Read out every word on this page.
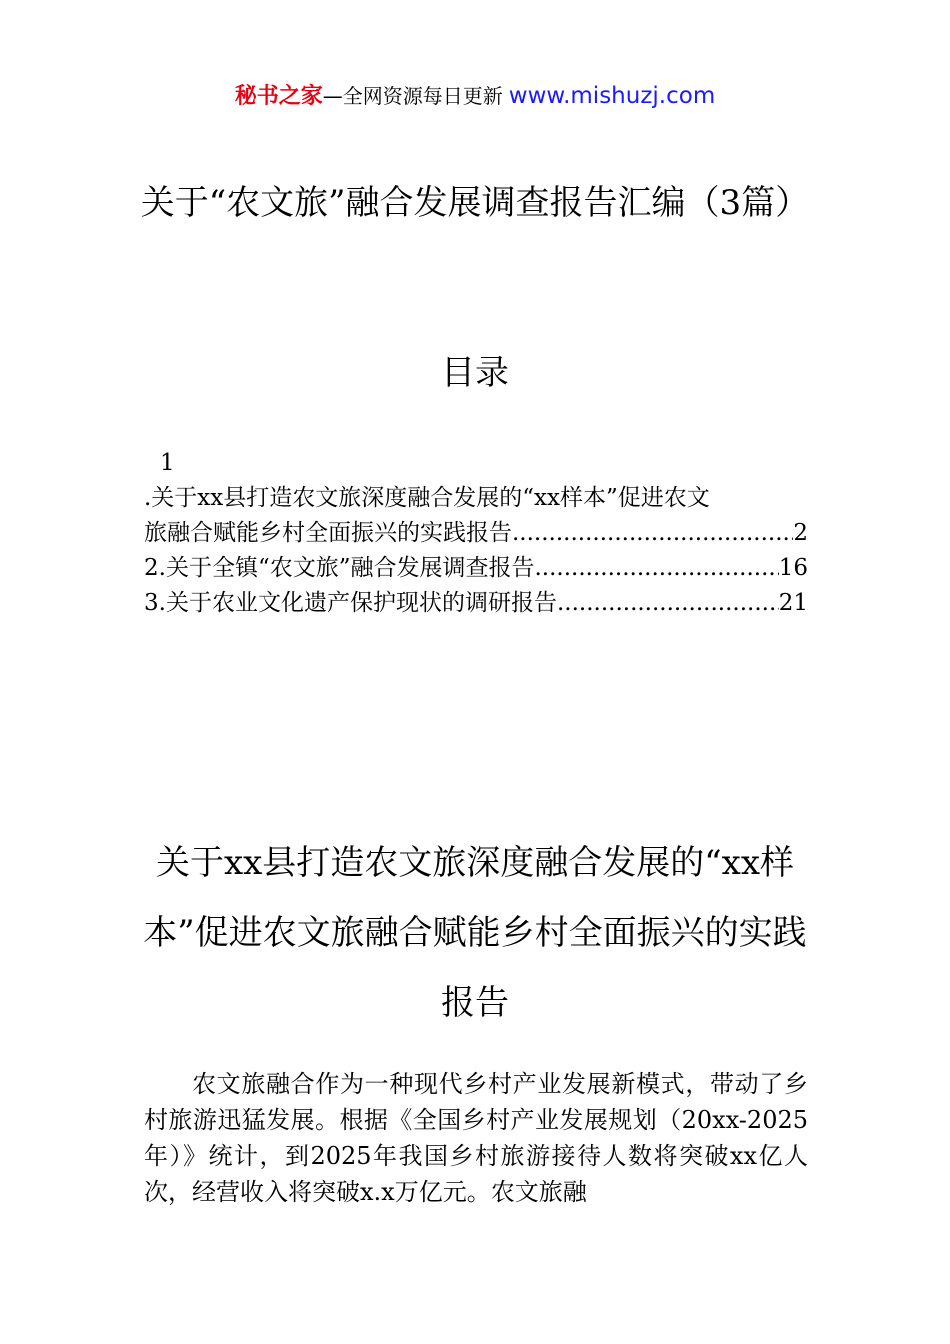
秘书之家—全网资源每日更新 www.mishuzj.com
关于“农文旅”融合发展调查报告汇编（3篇）
目录
1
.关于xx县打造农文旅深度融合发展的“xx样本”促进农文
旅融合赋能乡村全面振兴的实践报告 .....	2
2.关于全镇“农文旅”融合发展调查报告 .....	16
3.关于农业文化遗产保护现状的调研报告 .....	21
关于xx县打造农文旅深度融合发展的“xx样本”促进农文旅融合赋能乡村全面振兴的实践报告
农文旅融合作为一种现代乡村产业发展新模式，带动了乡村旅游迅猛发展。根据《全国乡村产业发展规划（20xx-2025年）》统计，到2025年我国乡村旅游接待人数将突破xx亿人次，经营收入将突破x.x万亿元。农文旅融
